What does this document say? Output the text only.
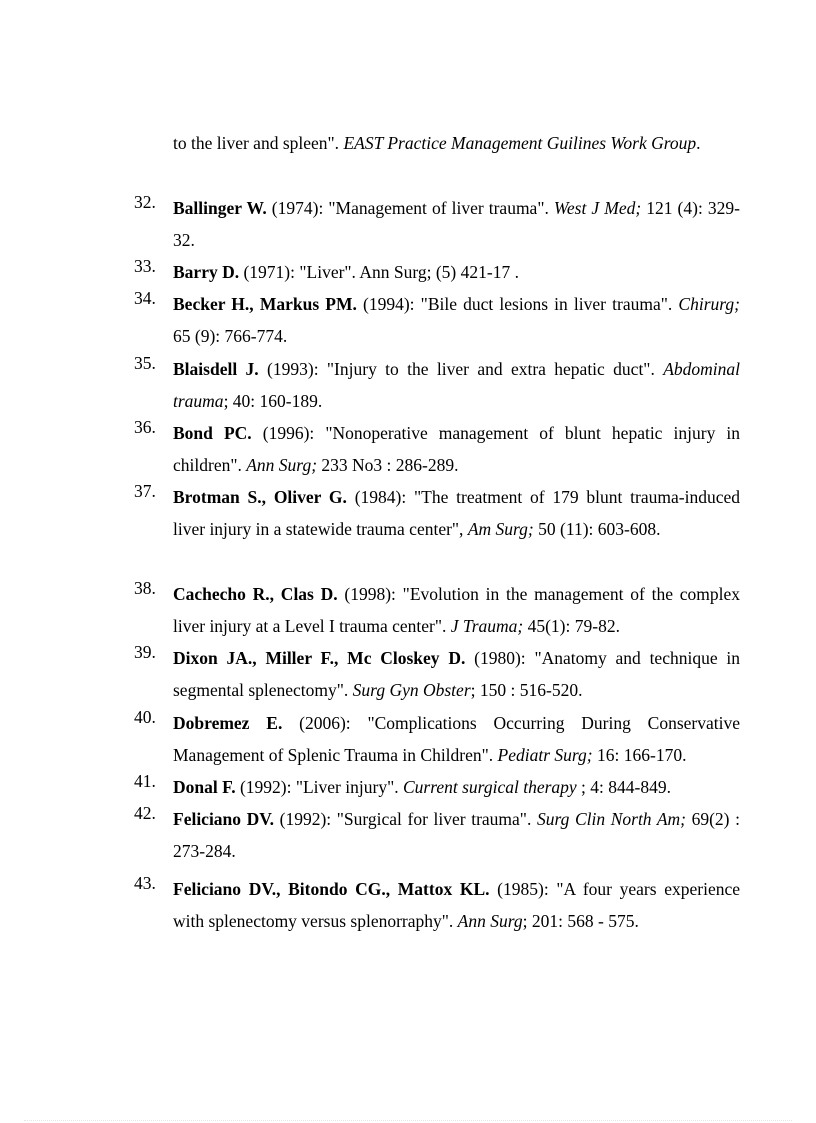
to the liver and spleen". EAST Practice Management Guilines Work Group.
32. Ballinger W. (1974): "Management of liver trauma". West J Med; 121 (4): 329-32.
33. Barry D. (1971): "Liver". Ann Surg; (5) 421-17 .
34. Becker H., Markus PM. (1994): "Bile duct lesions in liver trauma". Chirurg; 65 (9): 766-774.
35. Blaisdell J. (1993): "Injury to the liver and extra hepatic duct". Abdominal trauma; 40: 160-189.
36. Bond PC. (1996): "Nonoperative management of blunt hepatic injury in children". Ann Surg; 233 No3 : 286-289.
37. Brotman S., Oliver G. (1984): "The treatment of 179 blunt trauma-induced liver injury in a statewide trauma center", Am Surg; 50 (11): 603-608.
38. Cachecho R., Clas D. (1998): "Evolution in the management of the complex liver injury at a Level I trauma center". J Trauma; 45(1): 79-82.
39. Dixon JA., Miller F., Mc Closkey D. (1980): "Anatomy and technique in segmental splenectomy". Surg Gyn Obster; 150 : 516-520.
40. Dobremez E. (2006): "Complications Occurring During Conservative Management of Splenic Trauma in Children". Pediatr Surg; 16: 166-170.
41. Donal F. (1992): "Liver injury". Current surgical therapy ; 4: 844-849.
42. Feliciano DV. (1992): "Surgical for liver trauma". Surg Clin North Am; 69(2) : 273-284.
43. Feliciano DV., Bitondo CG., Mattox KL. (1985): "A four years experience with splenectomy versus splenorraphy". Ann Surg; 201: 568 - 575.
